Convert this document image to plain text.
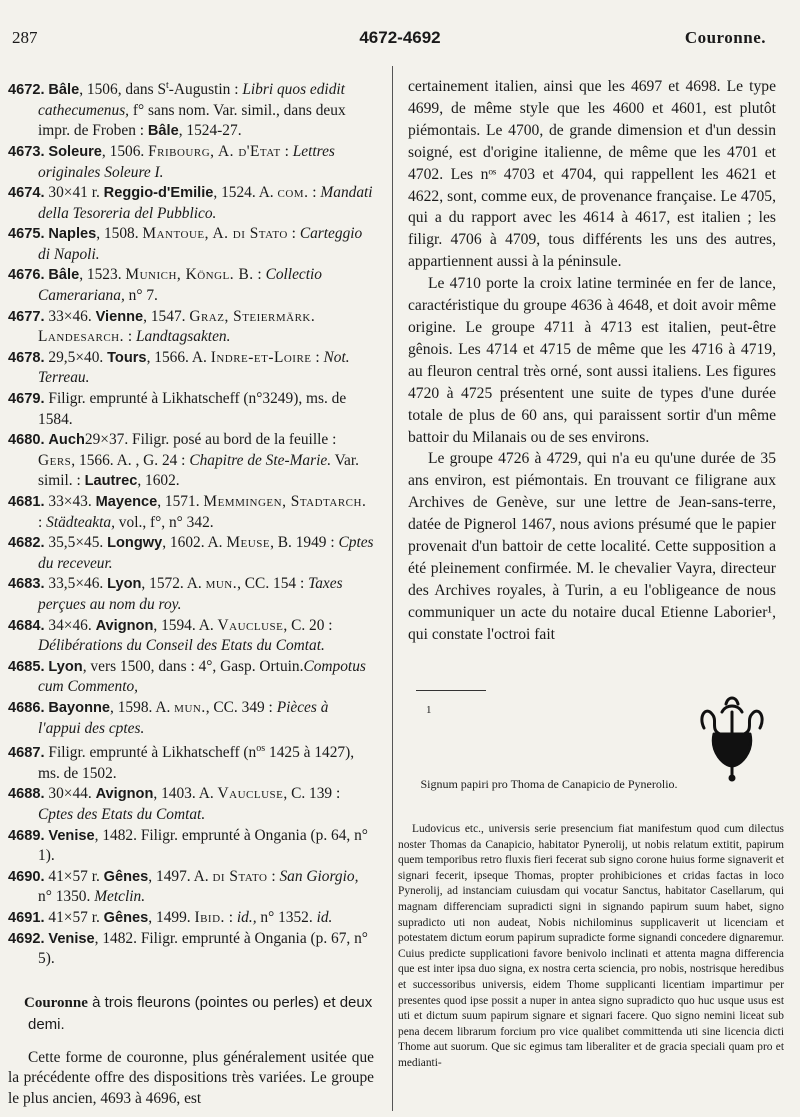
287	4672-4692	Couronne.
4672. Bâle, 1506, dans $S^t$-Augustin : Libri quos edidit cathecumenus, f° sans nom. Var. simil., dans deux impr. de Froben : Bâle, 1524-27.
4673. Soleure, 1506. Fribourg, A. d'Etat : Lettres originales Soleure I.
4674. 30×41 r. Reggio-d'Emilie, 1524. A. com. : Mandati della Tesoreria del Pubblico.
4675. Naples, 1508. Mantoue, A. di Stato : Carteggio di Napoli.
4676. Bâle, 1523. Munich, Köngl. B. : Collectio Camerariana, n° 7.
4677. 33×46. Vienne, 1547. Graz, Steiermärk. Landesarch. : Landtagsakten.
4678. 29,5×40. Tours, 1566. A. Indre-et-Loire : Not. Terreau.
4679. Filigr. emprunté à Likhatscheff (n°3249), ms. de 1584.
4680. Auch29×37. Filigr. posé au bord de la feuille : Gers, 1566. A. , G. 24 : Chapitre de Ste-Marie. Var. simil. : Lautrec, 1602.
4681. 33×43. Mayence, 1571. Memmingen, Stadtarch. : Städteakta, vol., f°, n° 342.
4682. 35,5×45. Longwy, 1602. A. Meuse, B. 1949 : Cptes du receveur.
4683. 33,5×46. Lyon, 1572. A. mun., CC. 154 : Taxes perçues au nom du roy.
4684. 34×46. Avignon, 1594. A. Vaucluse, C. 20 : Délibérations du Conseil des Etats du Comtat.
4685. Lyon, vers 1500, dans : 4°, Gasp. Ortuin.Compotus cum Commento,
4686. Bayonne, 1598. A. mun., CC. 349 : Pièces à l'appui des cptes.
4687. Filigr. emprunté à Likhatscheff ($n^{os}$ 1425 à 1427), ms. de 1502.
4688. 30×44. Avignon, 1403. A. Vaucluse, C. 139 : Cptes des Etats du Comtat.
4689. Venise, 1482. Filigr. emprunté à Ongania (p. 64, n° 1).
4690. 41×57 r. Gênes, 1497. A. di Stato : San Giorgio, n° 1350. Metclin.
4691. 41×57 r. Gênes, 1499. Ibid. : id., n° 1352. id.
4692. Venise, 1482. Filigr. emprunté à Ongania (p. 67, n° 5).
Couronne à trois fleurons (pointes ou perles) et deux demi.
Cette forme de couronne, plus généralement usitée que la précédente offre des dispositions très variées. Le groupe le plus ancien, 4693 à 4696, est

certainement italien, ainsi que les 4697 et 4698. Le type 4699, de même style que les 4600 et 4601, est plutôt piémontais. Le 4700, de grande dimension et d'un dessin soigné, est d'origine italienne, de même que les 4701 et 4702. Les nᵒˢ 4703 et 4704, qui rappellent les 4621 et 4622, sont, comme eux, de provenance française. Le 4705, qui a du rapport avec les 4614 à 4617, est italien ; les filigr. 4706 à 4709, tous différents les uns des autres, appartiennent aussi à la péninsule.

Le 4710 porte la croix latine terminée en fer de lance, caractéristique du groupe 4636 à 4648, et doit avoir même origine. Le groupe 4711 à 4713 est italien, peut-être gênois. Les 4714 et 4715 de même que les 4716 à 4719, au fleuron central très orné, sont aussi italiens. Les figures 4720 à 4725 présentent une suite de types d'une durée totale de plus de 60 ans, qui paraissent sortir d'un même battoir du Milanais ou de ses environs.

Le groupe 4726 à 4729, qui n'a eu qu'une durée de 35 ans environ, est piémontais. En trouvant ce filigrane aux Archives de Genève, sur une lettre de Jean-sans-terre, datée de Pignerol 1467, nous avions présumé que le papier provenait d'un battoir de cette localité. Cette supposition a été pleinement confirmée. M. le chevalier Vayra, directeur des Archives royales, à Turin, a eu l'obligeance de nous communiquer un acte du notaire ducal Etienne Laborier¹, qui constate l'octroi fait

1
Signum papiri pro Thoma de Canapicio de Pynerolio.
Ludovicus etc., universis serie presencium fiat manifestum quod cum dilectus noster Thomas da Canapicio, habitator Pynerolij, ut nobis relatum extitit, papirum quem temporibus retro fluxis fieri fecerat sub signo corone huius forme signaverit et signari fecerit, ipseque Thomas, propter prohibiciones et cridas factas in loco Pynerolij, ad instanciam cuiusdam qui vocatur Sanctus, habitator Casellarum, qui magnam differenciam supradicti signi in signando papirum suum habet, signo supradicto uti non audeat, Nobis nichilominus supplicaverit ut licenciam et potestatem dictum eorum papirum supradicte forme signandi concedere dignaremur. Cuius predicte supplicationi favore benivolo inclinati et attenta magna differencia que est inter ipsa duo signa, ex nostra certa sciencia, pro nobis, nostrisque heredibus et successoribus universis, eidem Thome supplicanti licentiam impartimur per presentes quod ipse possit a nuper in antea signo supradicto quo huc usque usus est uti et dictum suum papirum signare et signari facere. Quo signo nemini liceat sub pena decem librarum forcium pro vice qualibet committenda uti sine licencia dicti Thome aut suorum. Que sic egimus tam liberaliter et de gracia speciali quam pro et medianti-
